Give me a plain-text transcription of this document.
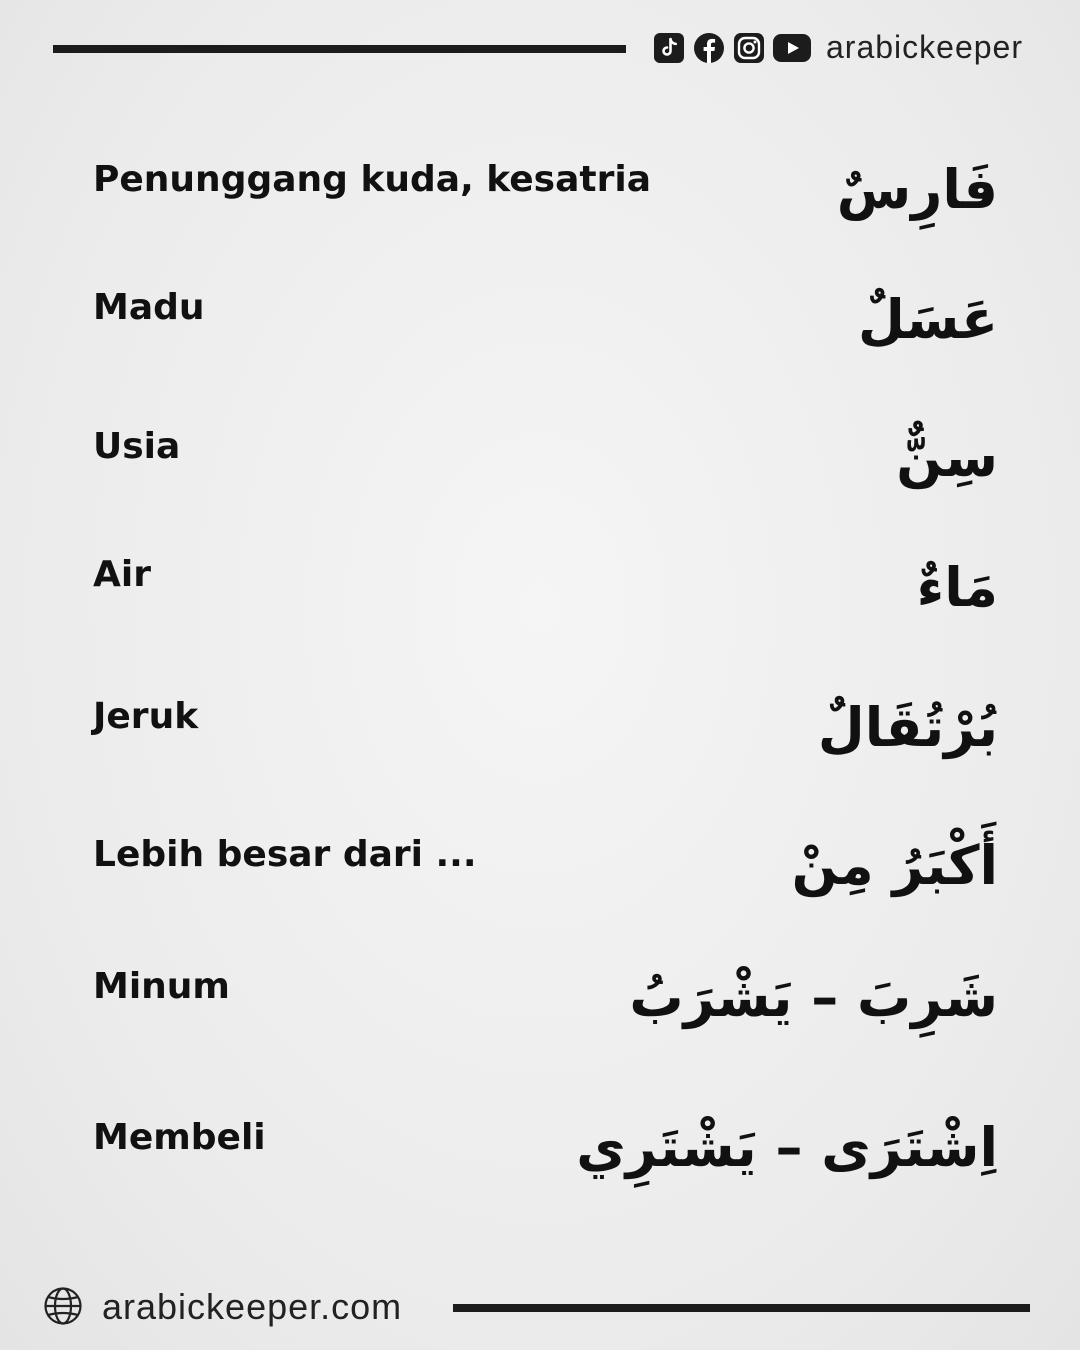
arabickeeper
Penunggang kuda, kesatria	فَارِسٌ
Madu	عَسَلٌ
Usia	سِنٌّ
Air	مَاءٌ
Jeruk	بُرْتُقَالٌ
Lebih besar dari ...	أَكْبَرُ مِنْ
Minum	شَرِبَ – يَشْرَبُ
Membeli	اِشْتَرَى – يَشْتَرِي
arabickeeper.com
